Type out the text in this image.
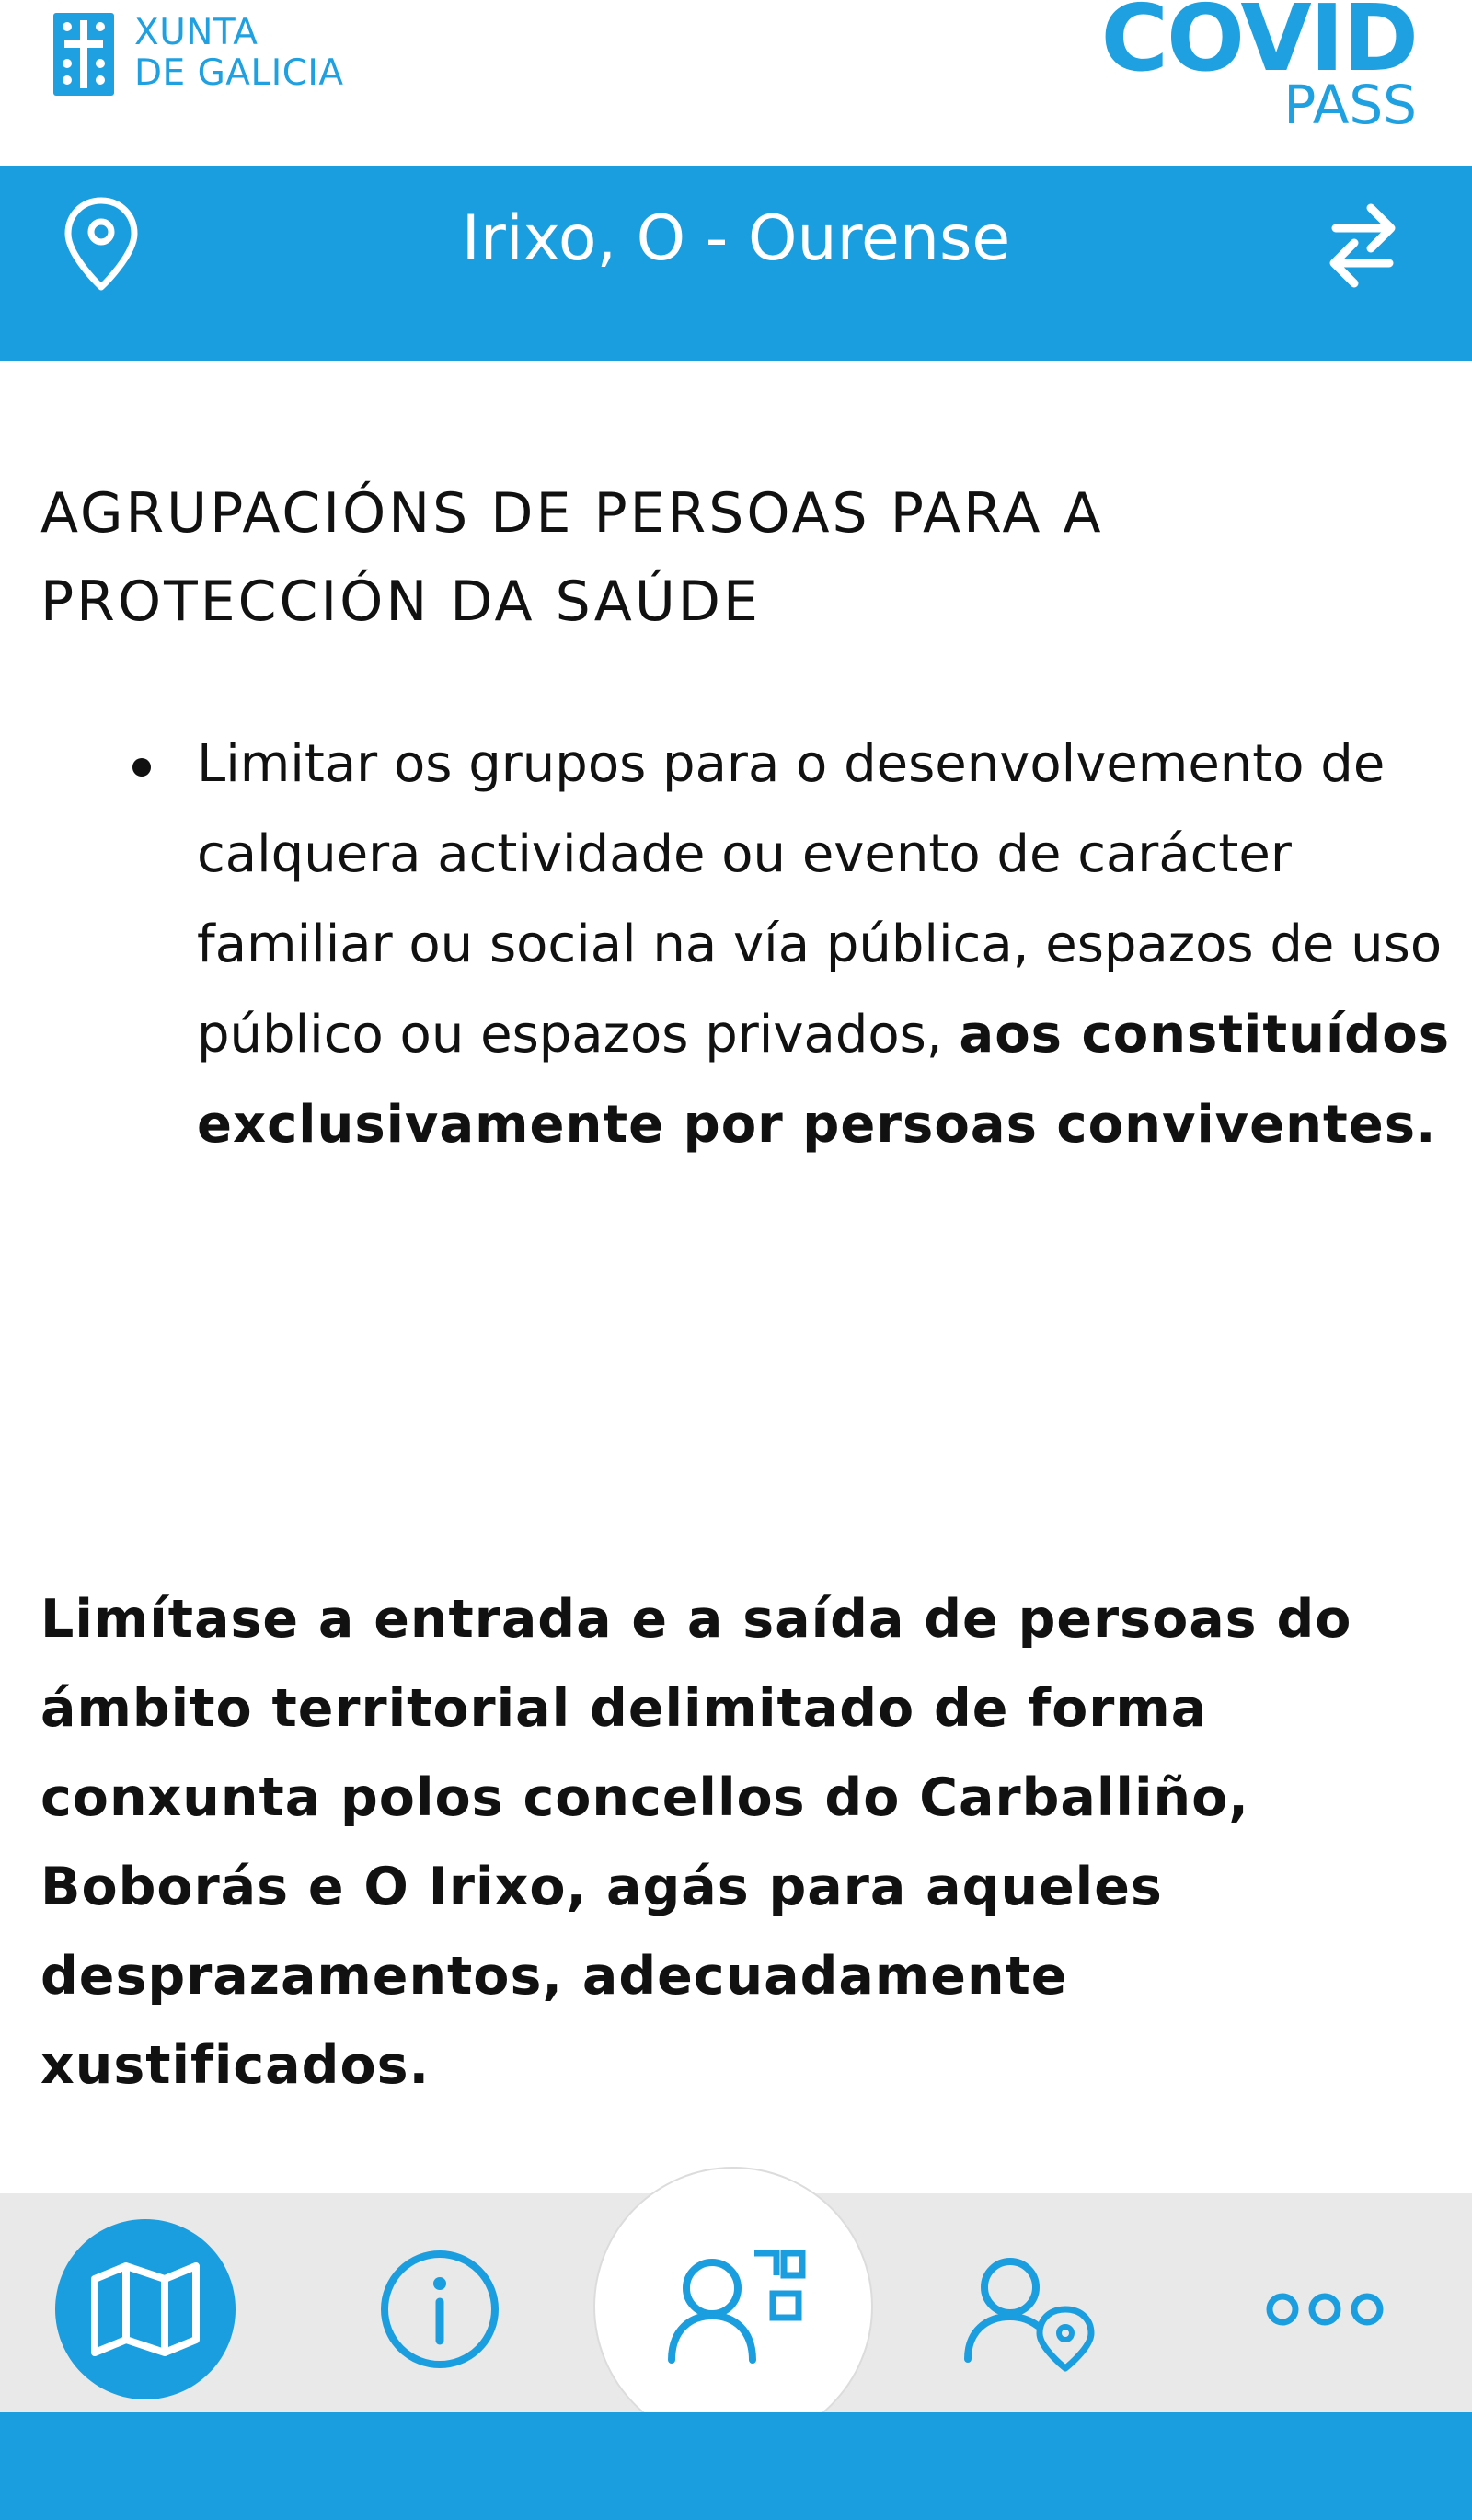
XUNTA
DE GALICIA	COVID
PASS
Irixo, O - Ourense
AGRUPACIÓNS DE PERSOAS PARA A PROTECCIÓN DA SAÚDE
Limitar os grupos para o desenvolvemento de calquera actividade ou evento de carácter familiar ou social na vía pública, espazos de uso público ou espazos privados, aos constituídos exclusivamente por persoas conviventes.
Limítase a entrada e a saída de persoas do ámbito territorial delimitado de forma conxunta polos concellos do Carballiño, Boborás e O Irixo, agás para aqueles desprazamentos, adecuadamente xustificados.
